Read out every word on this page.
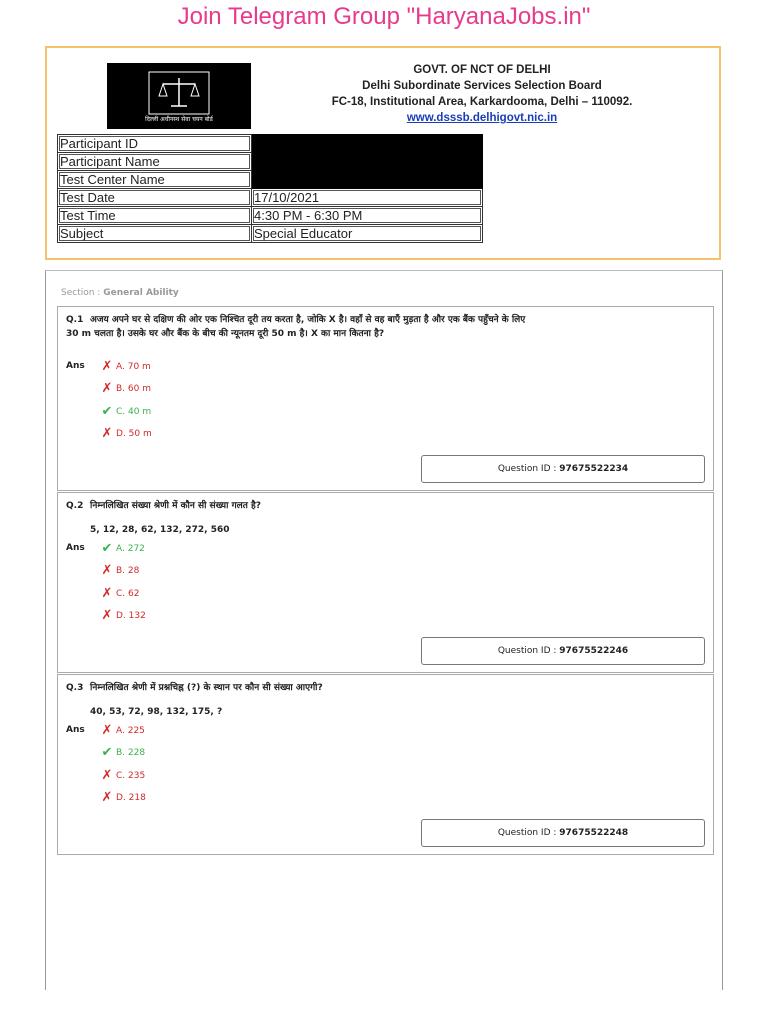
Join Telegram Group "HaryanaJobs.in"
दिल्ली अधीनस्थ सेवा चयन बोर्ड
GOVT. OF NCT OF DELHI
Delhi Subordinate Services Selection Board
FC-18, Institutional Area, Karkardooma, Delhi – 110092.
www.dsssb.delhigovt.nic.in
Participant ID	
Participant Name	
Test Center Name	
Test Date	17/10/2021
Test Time	4:30 PM - 6:30 PM
Subject	Special Educator
Section : General Ability
Q.1 अजय अपने घर से दक्षिण की ओर एक निश्चित दूरी तय करता है, जोकि X है। वहाँ से वह बाएँ मुड़ता है और एक बैंक पहुँचने के लिए 30 m चलता है। उसके घर और बैंक के बीच की न्यूनतम दूरी 50 m है। X का मान कितना है?
Ans ✗ A. 70 m
✗ B. 60 m
✔ C. 40 m
✗ D. 50 m
Question ID : 97675522234
Q.2 निम्नलिखित संख्या श्रेणी में कौन सी संख्या गलत है?
5, 12, 28, 62, 132, 272, 560
Ans ✔ A. 272
✗ B. 28
✗ C. 62
✗ D. 132
Question ID : 97675522246
Q.3 निम्नलिखित श्रेणी में प्रश्नचिह्न (?) के स्थान पर कौन सी संख्या आएगी?
40, 53, 72, 98, 132, 175, ?
Ans ✗ A. 225
✔ B. 228
✗ C. 235
✗ D. 218
Question ID : 97675522248
